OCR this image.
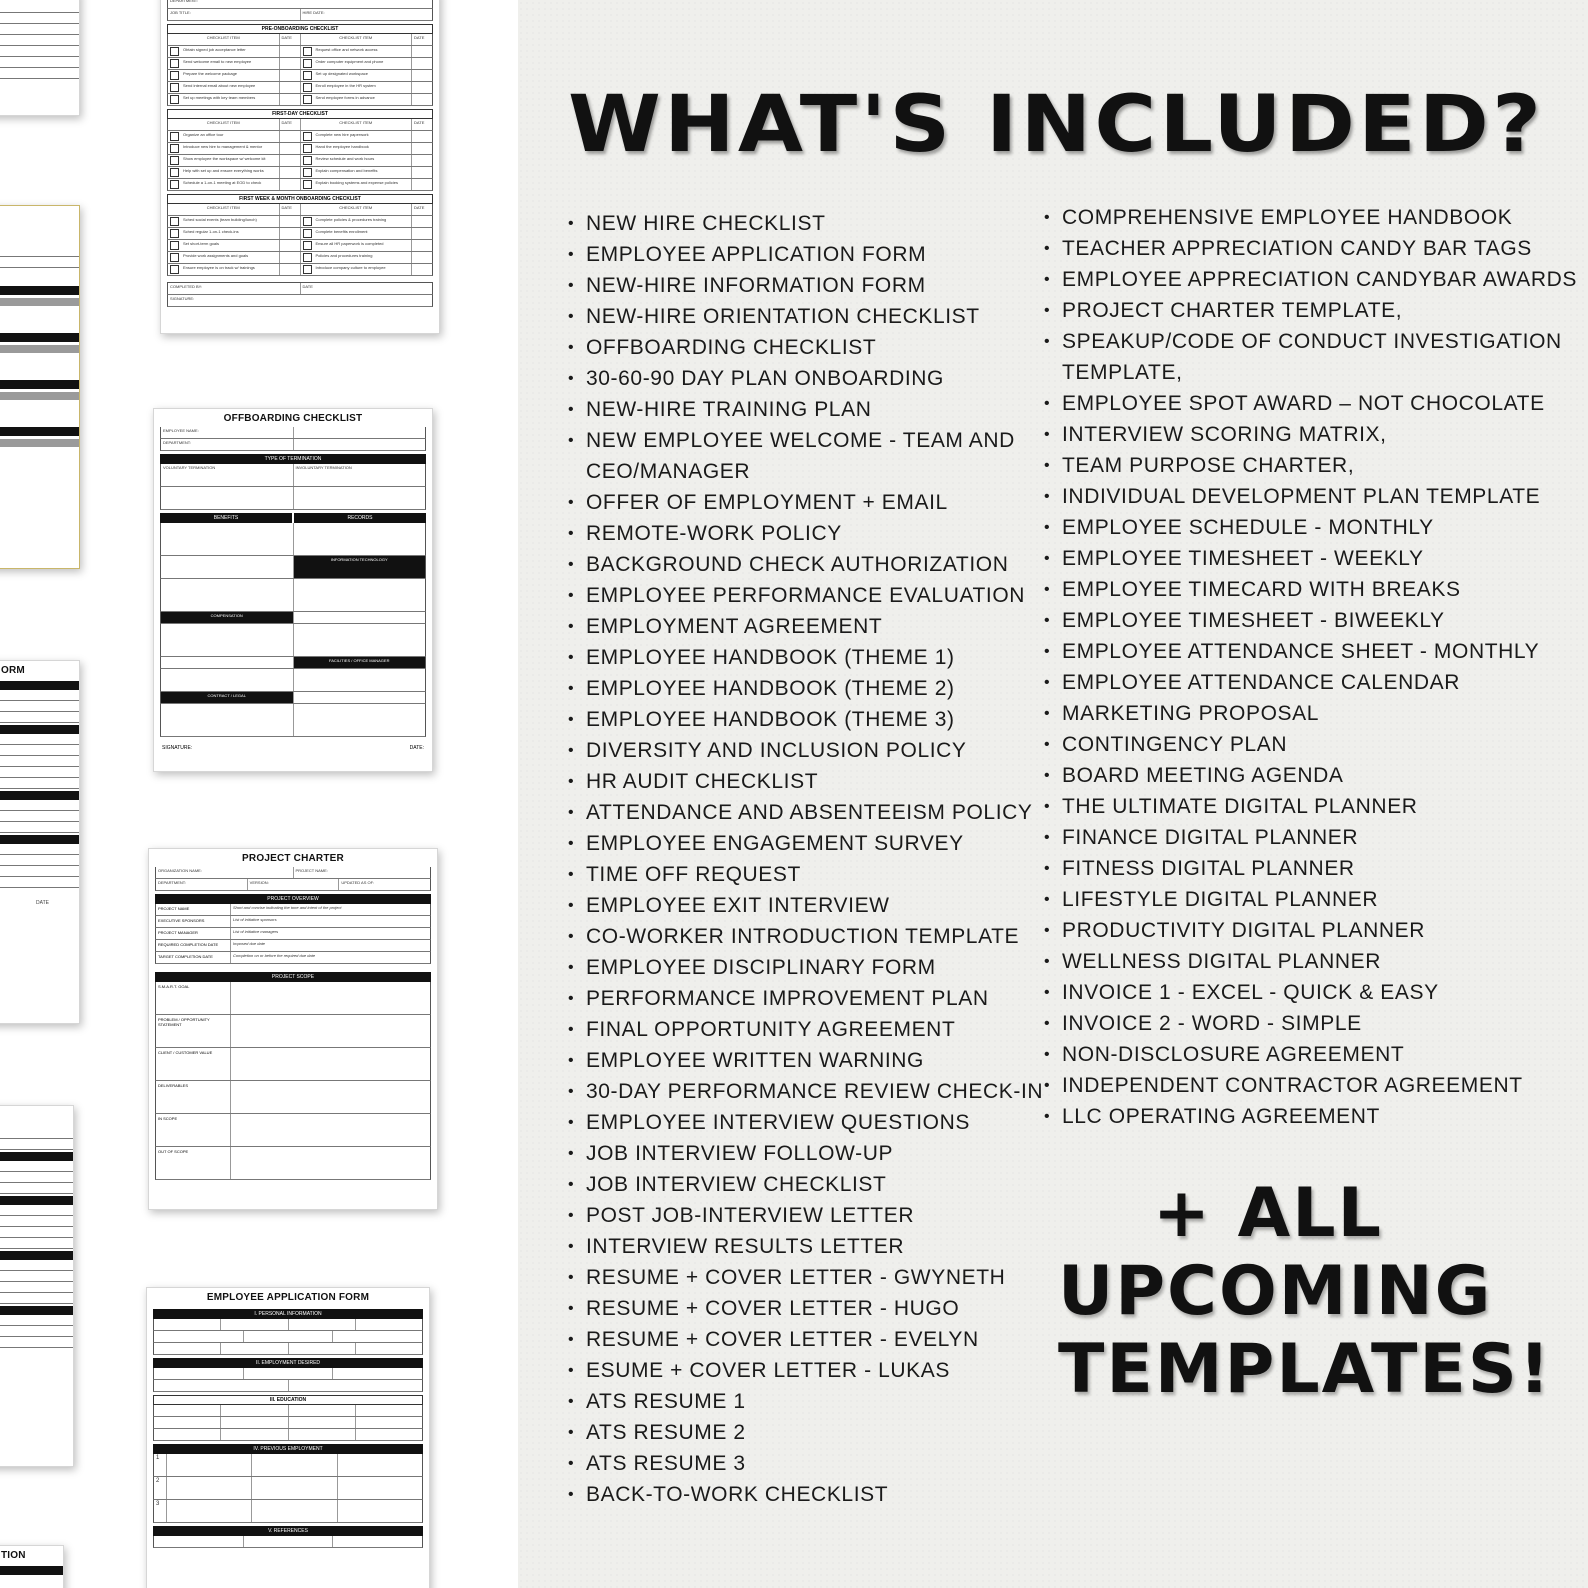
DEPARTMENT:
JOB TITLE:	HIRE DATE:
PRE-ONBOARDING CHECKLIST
CHECKLIST ITEM	DATE	CHECKLIST ITEM	DATE
Obtain signed job acceptance letter	Request office and network access
Send welcome email to new employee	Order computer equipment and phone
Prepare the welcome package	Set up designated workspace
Send internal email about new employee	Enroll employee in the HR system
Set up meetings with key team members	Send employee forms in advance
FIRST-DAY CHECKLIST
CHECKLIST ITEM	DATE	CHECKLIST ITEM	DATE
Organize an office tour	Complete new hire paperwork
Introduce new hire to management & mentor	Hand the employee handbook
Show employee the workspace w/ welcome kit	Review schedule and work hours
Help with set up and ensure everything works	Explain compensation and benefits
Schedule a 1-on-1 meeting at EOD to check	Explain booking systems and expense policies
FIRST WEEK & MONTH ONBOARDING CHECKLIST
CHECKLIST ITEM	DATE	CHECKLIST ITEM	DATE
Sched social events (team building/lunch)	Complete policies & procedures training
Sched regular 1-on-1 check-ins	Complete benefits enrollment
Set short-term goals	Ensure all HR paperwork is completed
Provide work assignments and goals	Policies and procedures training
Ensure employee is on track w/ trainings	Introduce company culture to employee
COMPLETED BY:	DATE
SIGNATURE:

OFFBOARDING CHECKLIST
EMPLOYEE NAME:
DEPARTMENT:
TYPE OF TERMINATION
VOLUNTARY TERMINATION	INVOLUNTARY TERMINATION
BENEFITS	RECORDS
INFORMATION TECHNOLOGY
COMPENSATION
FACILITIES / OFFICE MANAGER
CONTRACT / LEGAL
SIGNATURE:	DATE:
ORM
DATE
PROJECT CHARTER
ORGANIZATION NAME:	PROJECT NAME:
DEPARTMENT:	VERSION:	UPDATED AS OF:
PROJECT OVERVIEW
PROJECT NAME	Short and concise indicating the tone and intent of the project
EXECUTIVE SPONSORS	List of initiative sponsors
PROJECT MANAGER	List of initiative managers
REQUIRED COMPLETION DATE	Imposed due date
TARGET COMPLETION DATE	Completion on or before the required due date
PROJECT SCOPE
S.M.A.R.T. GOAL
PROBLEM / OPPORTUNITY STATEMENT
CLIENT / CUSTOMER VALUE
DELIVERABLES
IN SCOPE
OUT OF SCOPE
EMPLOYEE APPLICATION FORM
I. PERSONAL INFORMATION
II. EMPLOYMENT DESIRED
III. EDUCATION
IV. PREVIOUS EMPLOYMENT
1
2
3
V. REFERENCES
TION
WHAT'S INCLUDED?
• NEW HIRE CHECKLIST
• EMPLOYEE APPLICATION FORM
• NEW-HIRE INFORMATION FORM
• NEW-HIRE ORIENTATION CHECKLIST
• OFFBOARDING CHECKLIST
• 30-60-90 DAY PLAN ONBOARDING
• NEW-HIRE TRAINING PLAN
• NEW EMPLOYEE WELCOME - TEAM AND
CEO/MANAGER
• OFFER OF EMPLOYMENT + EMAIL
• REMOTE-WORK POLICY
• BACKGROUND CHECK AUTHORIZATION
• EMPLOYEE PERFORMANCE EVALUATION
• EMPLOYMENT AGREEMENT
• EMPLOYEE HANDBOOK (THEME 1)
• EMPLOYEE HANDBOOK (THEME 2)
• EMPLOYEE HANDBOOK (THEME 3)
• DIVERSITY AND INCLUSION POLICY
• HR AUDIT CHECKLIST
• ATTENDANCE AND ABSENTEEISM POLICY
• EMPLOYEE ENGAGEMENT SURVEY
• TIME OFF REQUEST
• EMPLOYEE EXIT INTERVIEW
• CO-WORKER INTRODUCTION TEMPLATE
• EMPLOYEE DISCIPLINARY FORM
• PERFORMANCE IMPROVEMENT PLAN
• FINAL OPPORTUNITY AGREEMENT
• EMPLOYEE WRITTEN WARNING
• 30-DAY PERFORMANCE REVIEW CHECK-IN
• EMPLOYEE INTERVIEW QUESTIONS
• JOB INTERVIEW FOLLOW-UP
• JOB INTERVIEW CHECKLIST
• POST JOB-INTERVIEW LETTER
• INTERVIEW RESULTS LETTER
• RESUME + COVER LETTER - GWYNETH
• RESUME + COVER LETTER - HUGO
• RESUME + COVER LETTER - EVELYN
• ESUME + COVER LETTER - LUKAS
• ATS RESUME 1
• ATS RESUME 2
• ATS RESUME 3
• BACK-TO-WORK CHECKLIST
• COMPREHENSIVE EMPLOYEE HANDBOOK
• TEACHER APPRECIATION CANDY BAR TAGS
• EMPLOYEE APPRECIATION CANDYBAR AWARDS
• PROJECT CHARTER TEMPLATE,
• SPEAKUP/CODE OF CONDUCT INVESTIGATION
TEMPLATE,
• EMPLOYEE SPOT AWARD – NOT CHOCOLATE
• INTERVIEW SCORING MATRIX,
• TEAM PURPOSE CHARTER,
• INDIVIDUAL DEVELOPMENT PLAN TEMPLATE
• EMPLOYEE SCHEDULE - MONTHLY
• EMPLOYEE TIMESHEET - WEEKLY
• EMPLOYEE TIMECARD WITH BREAKS
• EMPLOYEE TIMESHEET - BIWEEKLY
• EMPLOYEE ATTENDANCE SHEET - MONTHLY
• EMPLOYEE ATTENDANCE CALENDAR
• MARKETING PROPOSAL
• CONTINGENCY PLAN
• BOARD MEETING AGENDA
• THE ULTIMATE DIGITAL PLANNER
• FINANCE DIGITAL PLANNER
• FITNESS DIGITAL PLANNER
• LIFESTYLE DIGITAL PLANNER
• PRODUCTIVITY DIGITAL PLANNER
• WELLNESS DIGITAL PLANNER
• INVOICE 1 - EXCEL - QUICK & EASY
• INVOICE 2 - WORD - SIMPLE
• NON-DISCLOSURE AGREEMENT
• INDEPENDENT CONTRACTOR AGREEMENT
• LLC OPERATING AGREEMENT
+ ALL
UPCOMING
TEMPLATES!
